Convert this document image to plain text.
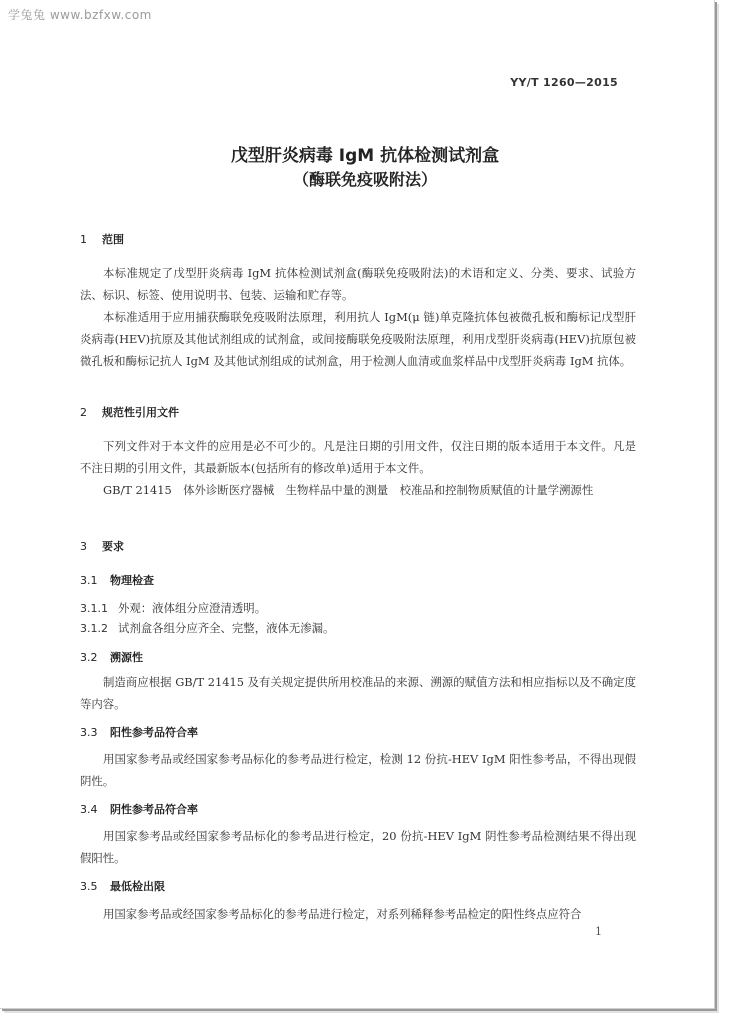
学兔兔 www.bzfxw.com
YY/T 1260—2015
戊型肝炎病毒 IgM 抗体检测试剂盒
（酶联免疫吸附法）
1 范围

本标准规定了戊型肝炎病毒 IgM 抗体检测试剂盒(酶联免疫吸附法)的术语和定义、分类、要求、试验方法、标识、标签、使用说明书、包装、运输和贮存等。

本标准适用于应用捕获酶联免疫吸附法原理，利用抗人 IgM(μ 链)单克隆抗体包被微孔板和酶标记戊型肝炎病毒(HEV)抗原及其他试剂组成的试剂盒，或间接酶联免疫吸附法原理，利用戊型肝炎病毒(HEV)抗原包被微孔板和酶标记抗人 IgM 及其他试剂组成的试剂盒，用于检测人血清或血浆样品中戊型肝炎病毒 IgM 抗体。

2 规范性引用文件

下列文件对于本文件的应用是必不可少的。凡是注日期的引用文件，仅注日期的版本适用于本文件。凡是不注日期的引用文件，其最新版本(包括所有的修改单)适用于本文件。

GB/T 21415　体外诊断医疗器械　生物样品中量的测量　校准品和控制物质赋值的计量学溯源性

3 要求
3.1 物理检查
3.1.1 外观：液体组分应澄清透明。
3.1.2 试剂盒各组分应齐全、完整，液体无渗漏。
3.2 溯源性

制造商应根据 GB/T 21415 及有关规定提供所用校准品的来源、溯源的赋值方法和相应指标以及不确定度等内容。

3.3 阳性参考品符合率

用国家参考品或经国家参考品标化的参考品进行检定，检测 12 份抗-HEV IgM 阳性参考品，不得出现假阴性。

3.4 阴性参考品符合率

用国家参考品或经国家参考品标化的参考品进行检定，20 份抗-HEV IgM 阴性参考品检测结果不得出现假阳性。

3.5 最低检出限

用国家参考品或经国家参考品标化的参考品进行检定，对系列稀释参考品检定的阳性终点应符合

1
